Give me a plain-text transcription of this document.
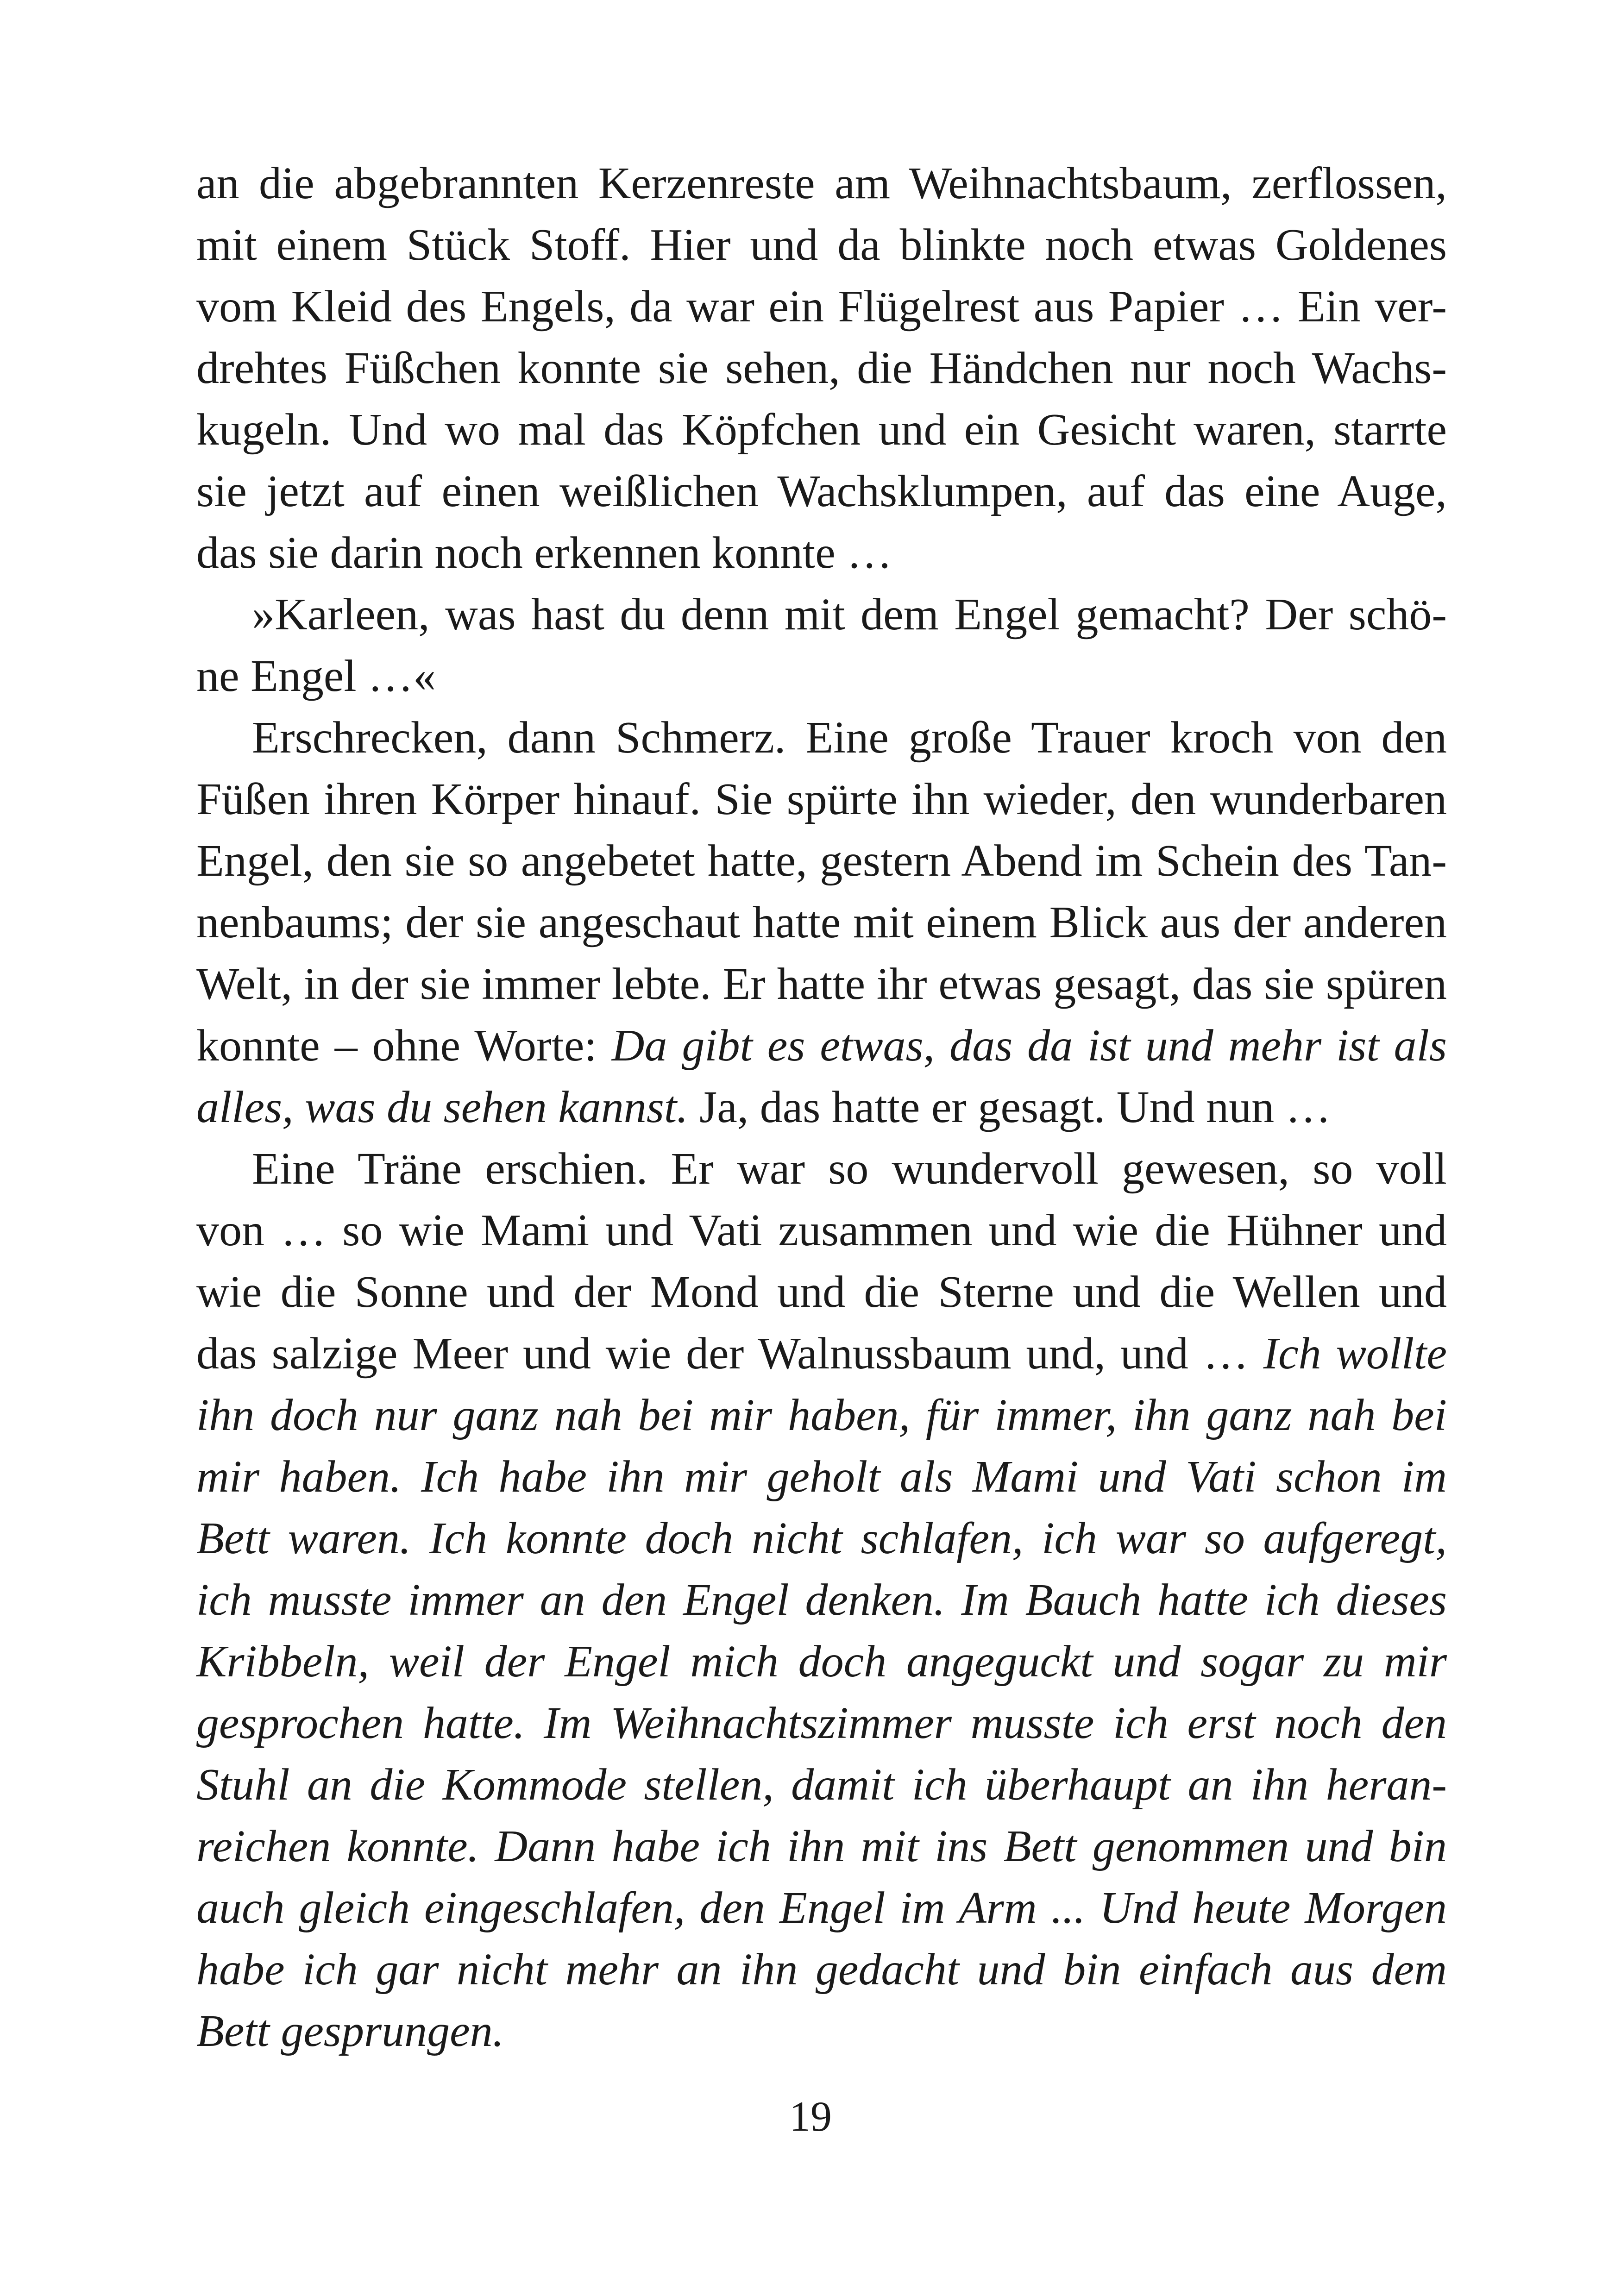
an die abgebrannten Kerzenreste am Weihnachtsbaum, zerflossen,
mit einem Stück Stoff. Hier und da blinkte noch etwas Goldenes
vom Kleid des Engels, da war ein Flügelrest aus Papier … Ein ver-
drehtes Füßchen konnte sie sehen, die Händchen nur noch Wachs-
kugeln. Und wo mal das Köpfchen und ein Gesicht waren, starrte
sie jetzt auf einen weißlichen Wachsklumpen, auf das eine Auge,
das sie darin noch erkennen konnte …
»Karleen, was hast du denn mit dem Engel gemacht? Der schö-
ne Engel …«
Erschrecken, dann Schmerz. Eine große Trauer kroch von den
Füßen ihren Körper hinauf. Sie spürte ihn wieder, den wunderbaren
Engel, den sie so angebetet hatte, gestern Abend im Schein des Tan-
nenbaums; der sie angeschaut hatte mit einem Blick aus der anderen
Welt, in der sie immer lebte. Er hatte ihr etwas gesagt, das sie spüren
konnte – ohne Worte: Da gibt es etwas, das da ist und mehr ist als
alles, was du sehen kannst. Ja, das hatte er gesagt. Und nun …
Eine Träne erschien. Er war so wundervoll gewesen, so voll
von … so wie Mami und Vati zusammen und wie die Hühner und
wie die Sonne und der Mond und die Sterne und die Wellen und
das salzige Meer und wie der Walnussbaum und, und … Ich wollte
ihn doch nur ganz nah bei mir haben, für immer, ihn ganz nah bei
mir haben. Ich habe ihn mir geholt als Mami und Vati schon im
Bett waren. Ich konnte doch nicht schlafen, ich war so aufgeregt,
ich musste immer an den Engel denken. Im Bauch hatte ich dieses
Kribbeln, weil der Engel mich doch angeguckt und sogar zu mir
gesprochen hatte. Im Weihnachtszimmer musste ich erst noch den
Stuhl an die Kommode stellen, damit ich überhaupt an ihn heran-
reichen konnte. Dann habe ich ihn mit ins Bett genommen und bin
auch gleich eingeschlafen, den Engel im Arm ... Und heute Morgen
habe ich gar nicht mehr an ihn gedacht und bin einfach aus dem
Bett gesprungen.
19
